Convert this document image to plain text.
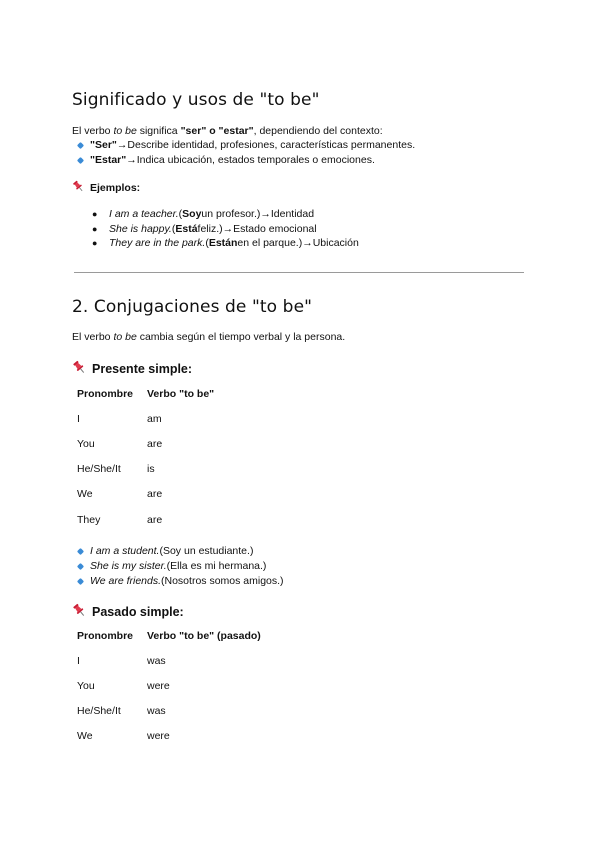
Significado y usos de "to be"

El verbo to be significa "ser" o "estar", dependiendo del contexto:

"Ser" → Describe identidad, profesiones, características permanentes.
"Estar" → Indica ubicación, estados temporales o emociones.
Ejemplos:
●	I am a teacher. ( Soy un profesor.) → Identidad
●	She is happy. ( Está feliz.) → Estado emocional
●	They are in the park. ( Están en el parque.) → Ubicación
2. Conjugaciones de "to be"

El verbo to be cambia según el tiempo verbal y la persona.

Presente simple:
Pronombre	Verbo "to be"
I	am
You	are
He/She/It	is
We	are
They	are
I am a student. (Soy un estudiante.)
She is my sister. (Ella es mi hermana.)
We are friends. (Nosotros somos amigos.)
Pasado simple:
Pronombre	Verbo "to be" (pasado)
I	was
You	were
He/She/It	was
We	were
